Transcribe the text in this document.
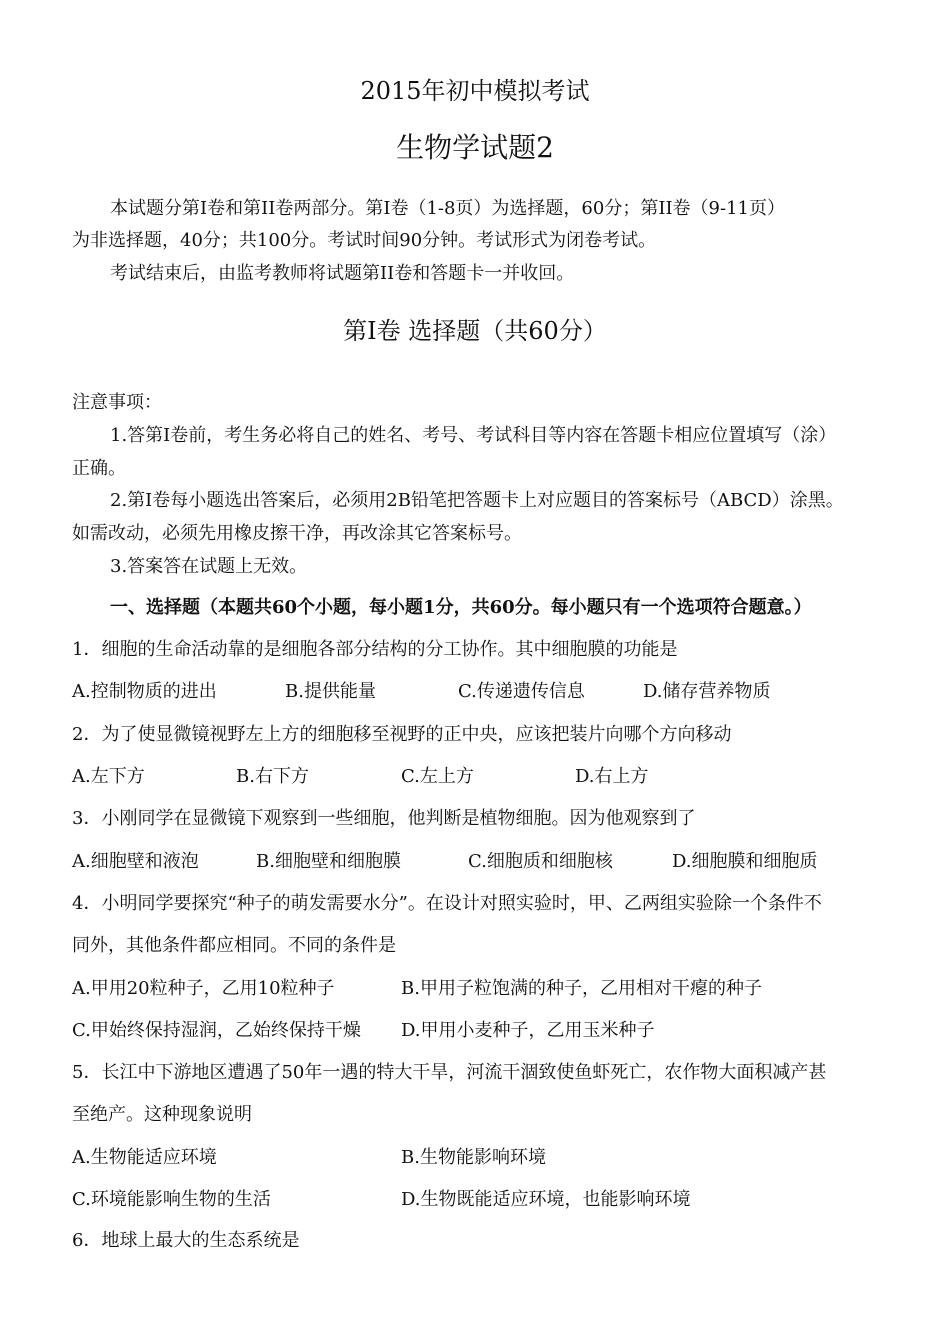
2015年初中模拟考试
生物学试题2
本试题分第Ⅰ卷和第II卷两部分。第Ⅰ卷（1-8页）为选择题，60分；第II卷（9-11页）
为非选择题，40分；共100分。考试时间90分钟。考试形式为闭卷考试。
考试结束后，由监考教师将试题第II卷和答题卡一并收回。
第Ⅰ卷 选择题（共60分）
注意事项：
1.答第Ⅰ卷前，考生务必将自己的姓名、考号、考试科目等内容在答题卡相应位置填写（涂）
正确。
2.第Ⅰ卷每小题选出答案后，必须用2B铅笔把答题卡上对应题目的答案标号（ABCD）涂黑。
如需改动，必须先用橡皮擦干净，再改涂其它答案标号。
3.答案答在试题上无效。
一、选择题（本题共60个小题，每小题1分，共60分。每小题只有一个选项符合题意。）
1．细胞的生命活动靠的是细胞各部分结构的分工协作。其中细胞膜的功能是
A.控制物质的进出	B.提供能量	C.传递遗传信息	D.储存营养物质
2．为了使显微镜视野左上方的细胞移至视野的正中央，应该把装片向哪个方向移动
A.左下方	B.右下方	C.左上方	D.右上方
3．小刚同学在显微镜下观察到一些细胞，他判断是植物细胞。因为他观察到了
A.细胞壁和液泡	B.细胞壁和细胞膜	C.细胞质和细胞核	D.细胞膜和细胞质
4．小明同学要探究“种子的萌发需要水分”。在设计对照实验时，甲、乙两组实验除一个条件不
同外，其他条件都应相同。不同的条件是
A.甲用20粒种子，乙用10粒种子	B.甲用子粒饱满的种子，乙用相对干瘪的种子
C.甲始终保持湿润，乙始终保持干燥 D.甲用小麦种子，乙用玉米种子
5．长江中下游地区遭遇了50年一遇的特大干旱，河流干涸致使鱼虾死亡，农作物大面积减产甚
至绝产。这种现象说明
A.生物能适应环境	B.生物能影响环境
C.环境能影响生物的生活	D.生物既能适应环境，也能影响环境
6．地球上最大的生态系统是
